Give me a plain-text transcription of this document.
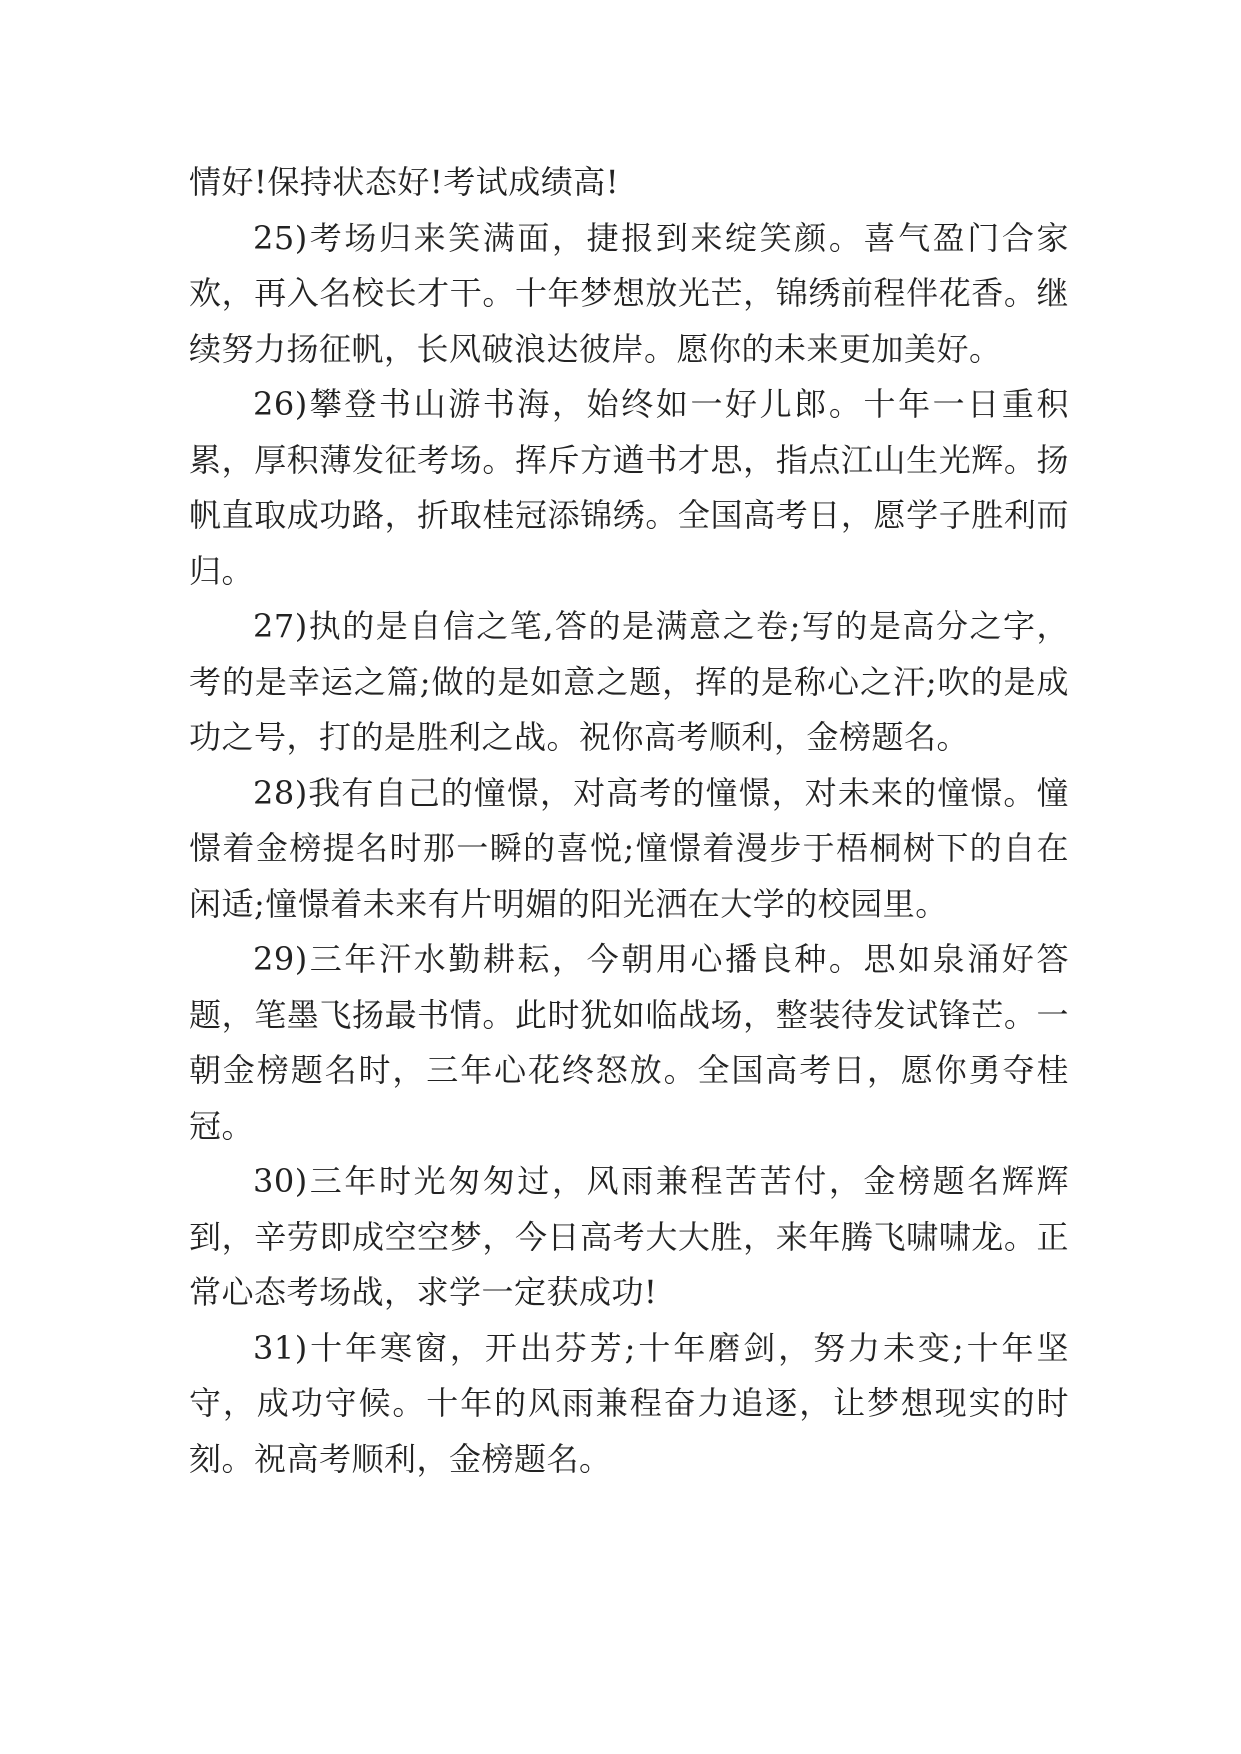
情好!保持状态好!考试成绩高!

25)考场归来笑满面，捷报到来绽笑颜。喜气盈门合家欢，再入名校长才干。十年梦想放光芒，锦绣前程伴花香。继续努力扬征帆，长风破浪达彼岸。愿你的未来更加美好。

26)攀登书山游书海，始终如一好儿郎。十年一日重积累，厚积薄发征考场。挥斥方遒书才思，指点江山生光辉。扬帆直取成功路，折取桂冠添锦绣。全国高考日，愿学子胜利而归。

27)执的是自信之笔,答的是满意之卷;写的是高分之字，考的是幸运之篇;做的是如意之题，挥的是称心之汗;吹的是成功之号，打的是胜利之战。祝你高考顺利，金榜题名。

28)我有自己的憧憬，对高考的憧憬，对未来的憧憬。憧憬着金榜提名时那一瞬的喜悦;憧憬着漫步于梧桐树下的自在闲适;憧憬着未来有片明媚的阳光洒在大学的校园里。

29)三年汗水勤耕耘，今朝用心播良种。思如泉涌好答题，笔墨飞扬最书情。此时犹如临战场，整装待发试锋芒。一朝金榜题名时，三年心花终怒放。全国高考日，愿你勇夺桂冠。

30)三年时光匆匆过，风雨兼程苦苦付，金榜题名辉辉到，辛劳即成空空梦，今日高考大大胜，来年腾飞啸啸龙。正常心态考场战，求学一定获成功!

31)十年寒窗，开出芬芳;十年磨剑，努力未变;十年坚守，成功守候。十年的风雨兼程奋力追逐，让梦想现实的时刻。祝高考顺利，金榜题名。
